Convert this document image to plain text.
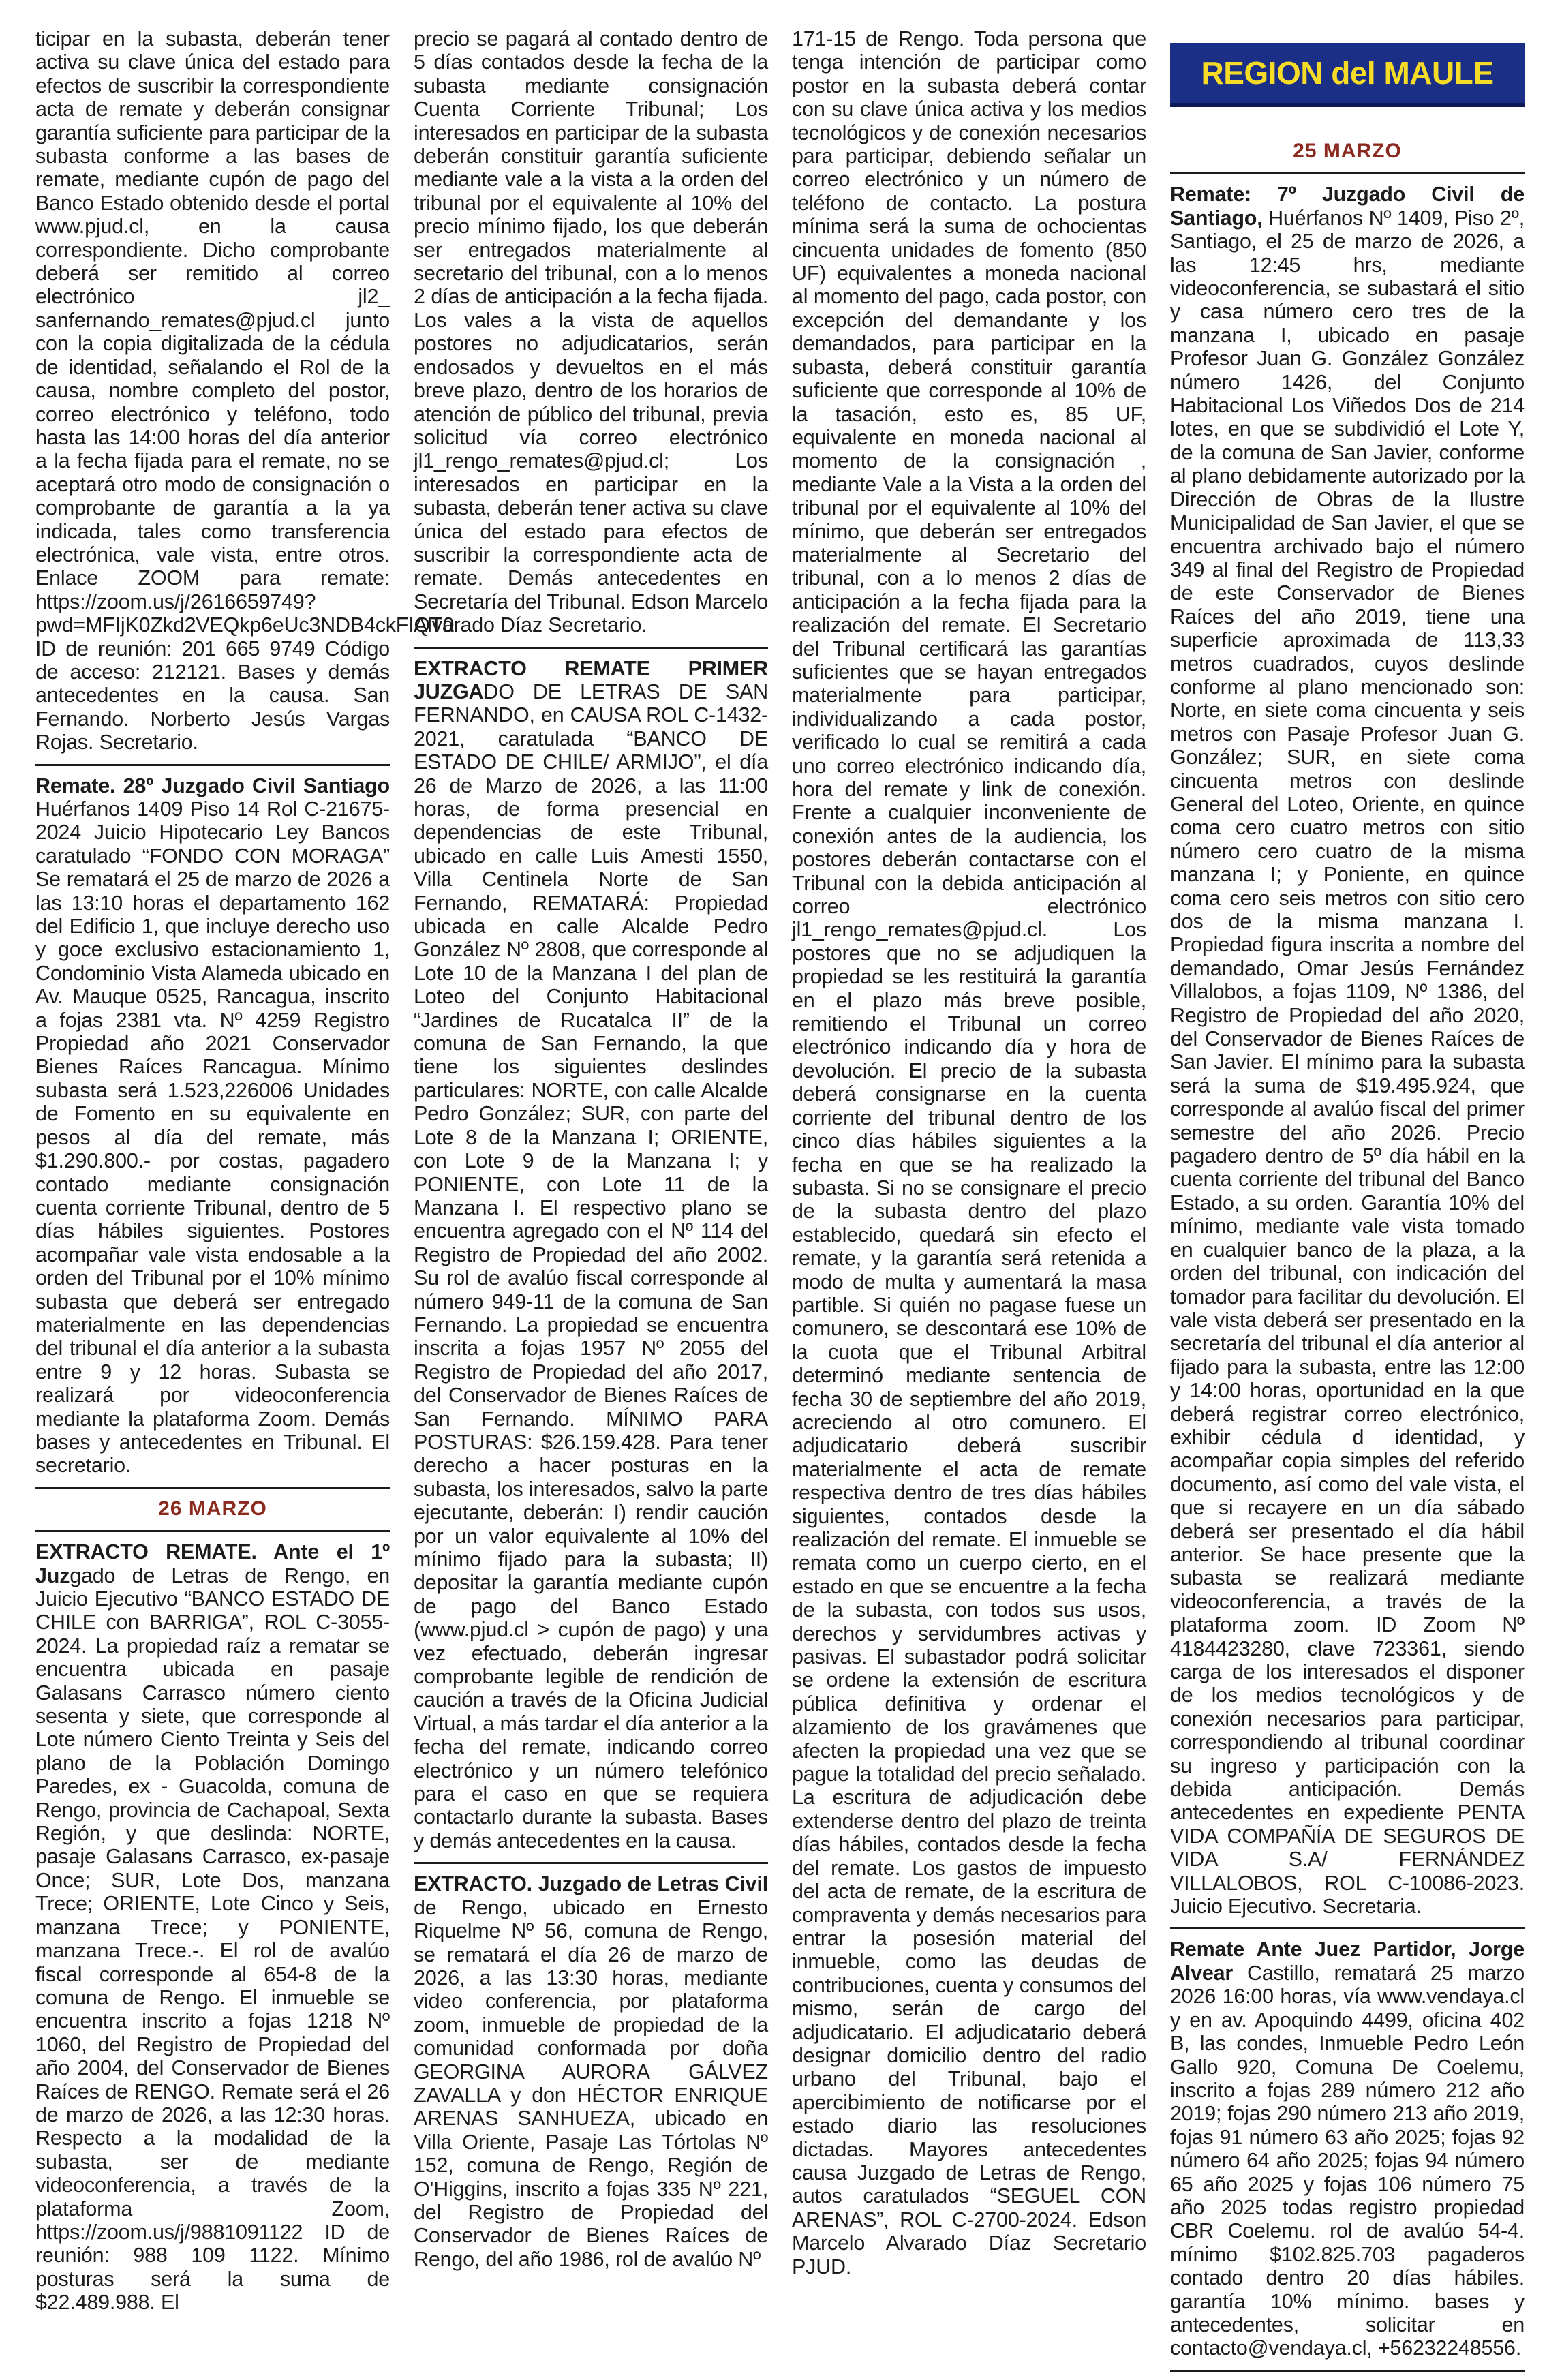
ticipar en la subasta, deberán tener activa su clave única del estado para efectos de suscribir la correspondiente acta de remate y deberán consignar garantía suficiente para participar de la subasta conforme a las bases de remate, mediante cupón de pago del Banco Estado obtenido desde el portal www.pjud.cl, en la causa correspondiente. Dicho comprobante deberá ser remitido al correo electrónico jl2_ sanfernando_remates@pjud.cl junto con la copia digitalizada de la cédula de identidad, señalando el Rol de la causa, nombre completo del postor, correo electrónico y teléfono, todo hasta las 14:00 horas del día anterior a la fecha fijada para el remate, no se aceptará otro modo de consignación o comprobante de garantía a la ya indicada, tales como transferencia electrónica, vale vista, entre otros. Enlace ZOOM para remate: https://zoom.us/j/2616659749?pwd=MFIjK0Zkd2VEQkp6eUc3NDB4ckFIQT0 ID de reunión: 201 665 9749 Código de acceso: 212121. Bases y demás antecedentes en la causa. San Fernando. Norberto Jesús Vargas Rojas. Secretario.

Remate. 28º Juzgado Civil Santiago Huérfanos 1409 Piso 14 Rol C-21675-2024 Juicio Hipotecario Ley Bancos caratulado “FONDO CON MORAGA” Se rematará el 25 de marzo de 2026 a las 13:10 horas el departamento 162 del Edificio 1, que incluye derecho uso y goce exclusivo estacionamiento 1, Condominio Vista Alameda ubicado en Av. Mauque 0525, Rancagua, inscrito a fojas 2381 vta. Nº 4259 Registro Propiedad año 2021 Conservador Bienes Raíces Rancagua. Mínimo subasta será 1.523,226006 Unidades de Fomento en su equivalente en pesos al día del remate, más $1.290.800.- por costas, pagadero contado mediante consignación cuenta corriente Tribunal, dentro de 5 días hábiles siguientes. Postores acompañar vale vista endosable a la orden del Tribunal por el 10% mínimo subasta que deberá ser entregado materialmente en las dependencias del tribunal el día anterior a la subasta entre 9 y 12 horas. Subasta se realizará por videoconferencia mediante la plataforma Zoom. Demás bases y antecedentes en Tribunal. El secretario.

26 MARZO

EXTRACTO REMATE. Ante el 1º Juzgado de Letras de Rengo, en Juicio Ejecutivo “BANCO ESTADO DE CHILE con BARRIGA”, ROL C-3055-2024. La propiedad raíz a rematar se encuentra ubicada en pasaje Galasans Carrasco número ciento sesenta y siete, que corresponde al Lote número Ciento Treinta y Seis del plano de la Población Domingo Paredes, ex - Guacolda, comuna de Rengo, provincia de Cachapoal, Sexta Región, y que deslinda: NORTE, pasaje Galasans Carrasco, ex-pasaje Once; SUR, Lote Dos, manzana Trece; ORIENTE, Lote Cinco y Seis, manzana Trece; y PONIENTE, manzana Trece.-. El rol de avalúo fiscal corresponde al 654-8 de la comuna de Rengo. El inmueble se encuentra inscrito a fojas 1218 Nº 1060, del Registro de Propiedad del año 2004, del Conservador de Bienes Raíces de RENGO. Remate será el 26 de marzo de 2026, a las 12:30 horas. Respecto a la modalidad de la subasta, ser de mediante videoconferencia, a través de la plataforma Zoom, https://zoom.us/j/9881091122 ID de reunión: 988 109 1122. Mínimo posturas será la suma de $22.489.988. El

precio se pagará al contado dentro de 5 días contados desde la fecha de la subasta mediante consignación Cuenta Corriente Tribunal; Los interesados en participar de la subasta deberán constituir garantía suficiente mediante vale a la vista a la orden del tribunal por el equivalente al 10% del precio mínimo fijado, los que deberán ser entregados materialmente al secretario del tribunal, con a lo menos 2 días de anticipación a la fecha fijada. Los vales a la vista de aquellos postores no adjudicatarios, serán endosados y devueltos en el más breve plazo, dentro de los horarios de atención de público del tribunal, previa solicitud vía correo electrónico jl1_rengo_remates@pjud.cl; Los interesados en participar en la subasta, deberán tener activa su clave única del estado para efectos de suscribir la correspondiente acta de remate. Demás antecedentes en Secretaría del Tribunal. Edson Marcelo Alvarado Díaz Secretario.

EXTRACTO REMATE PRIMER JUZGADO DE LETRAS DE SAN FERNANDO, en CAUSA ROL C-1432-2021, caratulada “BANCO DE ESTADO DE CHILE/ ARMIJO”, el día 26 de Marzo de 2026, a las 11:00 horas, de forma presencial en dependencias de este Tribunal, ubicado en calle Luis Amesti 1550, Villa Centinela Norte de San Fernando, REMATARÁ: Propiedad ubicada en calle Alcalde Pedro González Nº 2808, que corresponde al Lote 10 de la Manzana I del plan de Loteo del Conjunto Habitacional “Jardines de Rucatalca II” de la comuna de San Fernando, la que tiene los siguientes deslindes particulares: NORTE, con calle Alcalde Pedro González; SUR, con parte del Lote 8 de la Manzana I; ORIENTE, con Lote 9 de la Manzana I; y PONIENTE, con Lote 11 de la Manzana I. El respectivo plano se encuentra agregado con el Nº 114 del Registro de Propiedad del año 2002. Su rol de avalúo fiscal corresponde al número 949-11 de la comuna de San Fernando. La propiedad se encuentra inscrita a fojas 1957 Nº 2055 del Registro de Propiedad del año 2017, del Conservador de Bienes Raíces de San Fernando. MÍNIMO PARA POSTURAS: $26.159.428. Para tener derecho a hacer posturas en la subasta, los interesados, salvo la parte ejecutante, deberán: I) rendir caución por un valor equivalente al 10% del mínimo fijado para la subasta; II) depositar la garantía mediante cupón de pago del Banco Estado (www.pjud.cl > cupón de pago) y una vez efectuado, deberán ingresar comprobante legible de rendición de caución a través de la Oficina Judicial Virtual, a más tardar el día anterior a la fecha del remate, indicando correo electrónico y un número telefónico para el caso en que se requiera contactarlo durante la subasta. Bases y demás antecedentes en la causa.

EXTRACTO. Juzgado de Letras Civil de Rengo, ubicado en Ernesto Riquelme Nº 56, comuna de Rengo, se rematará el día 26 de marzo de 2026, a las 13:30 horas, mediante video conferencia, por plataforma zoom, inmueble de propiedad de la comunidad conformada por doña GEORGINA AURORA GÁLVEZ ZAVALLA y don HÉCTOR ENRIQUE ARENAS SANHUEZA, ubicado en Villa Oriente, Pasaje Las Tórtolas Nº 152, comuna de Rengo, Región de O'Higgins, inscrito a fojas 335 Nº 221, del Registro de Propiedad del Conservador de Bienes Raíces de Rengo, del año 1986, rol de avalúo Nº

171-15 de Rengo. Toda persona que tenga intención de participar como postor en la subasta deberá contar con su clave única activa y los medios tecnológicos y de conexión necesarios para participar, debiendo señalar un correo electrónico y un número de teléfono de contacto. La postura mínima será la suma de ochocientas cincuenta unidades de fomento (850 UF) equivalentes a moneda nacional al momento del pago, cada postor, con excepción del demandante y los demandados, para participar en la subasta, deberá constituir garantía suficiente que corresponde al 10% de la tasación, esto es, 85 UF, equivalente en moneda nacional al momento de la consignación , mediante Vale a la Vista a la orden del tribunal por el equivalente al 10% del mínimo, que deberán ser entregados materialmente al Secretario del tribunal, con a lo menos 2 días de anticipación a la fecha fijada para la realización del remate. El Secretario del Tribunal certificará las garantías suficientes que se hayan entregados materialmente para participar, individualizando a cada postor, verificado lo cual se remitirá a cada uno correo electrónico indicando día, hora del remate y link de conexión. Frente a cualquier inconveniente de conexión antes de la audiencia, los postores deberán contactarse con el Tribunal con la debida anticipación al correo electrónico jl1_rengo_remates@pjud.cl. Los postores que no se adjudiquen la propiedad se les restituirá la garantía en el plazo más breve posible, remitiendo el Tribunal un correo electrónico indicando día y hora de devolución. El precio de la subasta deberá consignarse en la cuenta corriente del tribunal dentro de los cinco días hábiles siguientes a la fecha en que se ha realizado la subasta. Si no se consignare el precio de la subasta dentro del plazo establecido, quedará sin efecto el remate, y la garantía será retenida a modo de multa y aumentará la masa partible. Si quién no pagase fuese un comunero, se descontará ese 10% de la cuota que el Tribunal Arbitral determinó mediante sentencia de fecha 30 de septiembre del año 2019, acreciendo al otro comunero. El adjudicatario deberá suscribir materialmente el acta de remate respectiva dentro de tres días hábiles siguientes, contados desde la realización del remate. El inmueble se remata como un cuerpo cierto, en el estado en que se encuentre a la fecha de la subasta, con todos sus usos, derechos y servidumbres activas y pasivas. El subastador podrá solicitar se ordene la extensión de escritura pública definitiva y ordenar el alzamiento de los gravámenes que afecten la propiedad una vez que se pague la totalidad del precio señalado. La escritura de adjudicación debe extenderse dentro del plazo de treinta días hábiles, contados desde la fecha del remate. Los gastos de impuesto del acta de remate, de la escritura de compraventa y demás necesarios para entrar la posesión material del inmueble, como las deudas de contribuciones, cuenta y consumos del mismo, serán de cargo del adjudicatario. El adjudicatario deberá designar domicilio dentro del radio urbano del Tribunal, bajo el apercibimiento de notificarse por el estado diario las resoluciones dictadas. Mayores antecedentes causa Juzgado de Letras de Rengo, autos caratulados “SEGUEL CON ARENAS”, ROL C-2700-2024. Edson Marcelo Alvarado Díaz Secretario PJUD.

REGION del MAULE
25 MARZO

Remate: 7º Juzgado Civil de Santiago, Huérfanos Nº 1409, Piso 2º, Santiago, el 25 de marzo de 2026, a las 12:45 hrs, mediante videoconferencia, se subastará el sitio y casa número cero tres de la manzana I, ubicado en pasaje Profesor Juan G. González González número 1426, del Conjunto Habitacional Los Viñedos Dos de 214 lotes, en que se subdividió el Lote Y, de la comuna de San Javier, conforme al plano debidamente autorizado por la Dirección de Obras de la Ilustre Municipalidad de San Javier, el que se encuentra archivado bajo el número 349 al final del Registro de Propiedad de este Conservador de Bienes Raíces del año 2019, tiene una superficie aproximada de 113,33 metros cuadrados, cuyos deslinde conforme al plano mencionado son: Norte, en siete coma cincuenta y seis metros con Pasaje Profesor Juan G. González; SUR, en siete coma cincuenta metros con deslinde General del Loteo, Oriente, en quince coma cero cuatro metros con sitio número cero cuatro de la misma manzana I; y Poniente, en quince coma cero seis metros con sitio cero dos de la misma manzana I. Propiedad figura inscrita a nombre del demandado, Omar Jesús Fernández Villalobos, a fojas 1109, Nº 1386, del Registro de Propiedad del año 2020, del Conservador de Bienes Raíces de San Javier. El mínimo para la subasta será la suma de $19.495.924, que corresponde al avalúo fiscal del primer semestre del año 2026. Precio pagadero dentro de 5º día hábil en la cuenta corriente del tribunal del Banco Estado, a su orden. Garantía 10% del mínimo, mediante vale vista tomado en cualquier banco de la plaza, a la orden del tribunal, con indicación del tomador para facilitar du devolución. El vale vista deberá ser presentado en la secretaría del tribunal el día anterior al fijado para la subasta, entre las 12:00 y 14:00 horas, oportunidad en la que deberá registrar correo electrónico, exhibir cédula d identidad, y acompañar copia simples del referido documento, así como del vale vista, el que si recayere en un día sábado deberá ser presentado el día hábil anterior. Se hace presente que la subasta se realizará mediante videoconferencia, a través de la plataforma zoom. ID Zoom Nº 4184423280, clave 723361, siendo carga de los interesados el disponer de los medios tecnológicos y de conexión necesarios para participar, correspondiendo al tribunal coordinar su ingreso y participación con la debida anticipación. Demás antecedentes en expediente PENTA VIDA COMPAÑÍA DE SEGUROS DE VIDA S.A/ FERNÁNDEZ VILLALOBOS, ROL C-10086-2023. Juicio Ejecutivo. Secretaria.

Remate Ante Juez Partidor, Jorge Alvear Castillo, rematará 25 marzo 2026 16:00 horas, vía www.vendaya.cl y en av. Apoquindo 4499, oficina 402 B, las condes, Inmueble Pedro León Gallo 920, Comuna De Coelemu, inscrito a fojas 289 número 212 año 2019; fojas 290 número 213 año 2019, fojas 91 número 63 año 2025; fojas 92 número 64 año 2025; fojas 94 número 65 año 2025 y fojas 106 número 75 año 2025 todas registro propiedad CBR Coelemu. rol de avalúo 54-4. mínimo $102.825.703 pagaderos contado dentro 20 días hábiles. garantía 10% mínimo. bases y antecedentes, solicitar en contacto@vendaya.cl, +56232248556.
